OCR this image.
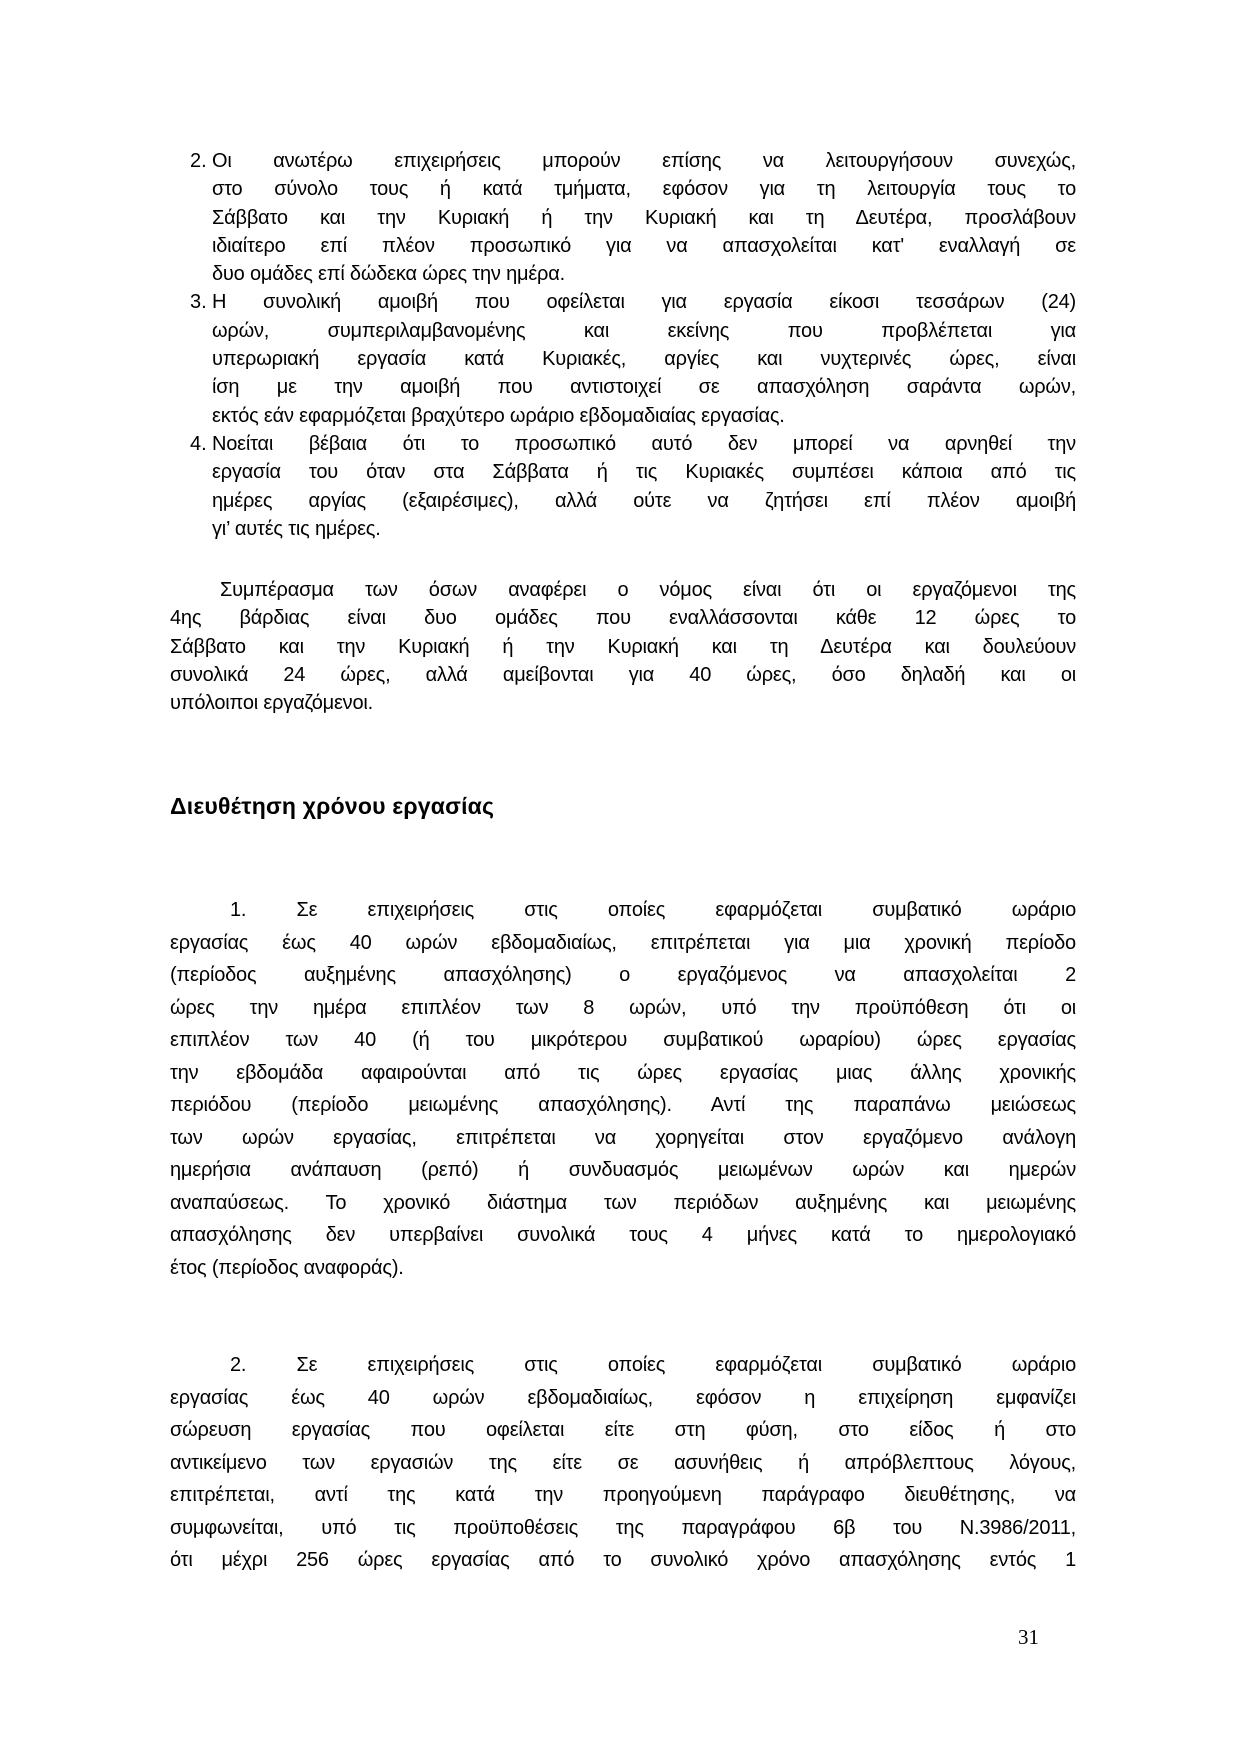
2. Οι ανωτέρω επιχειρήσεις μπορούν επίσης να λειτουργήσουν συνεχώς,
στο σύνολο τους ή κατά τμήματα, εφόσον για τη λειτουργία τους το
Σάββατο και την Κυριακή ή την Κυριακή και τη Δευτέρα, προσλάβουν
ιδιαίτερο επί πλέον προσωπικό για να απασχολείται κατ' εναλλαγή σε
δυο ομάδες επί δώδεκα ώρες την ημέρα.
3. Η συνολική αμοιβή που οφείλεται για εργασία είκοσι τεσσάρων (24)
ωρών, συμπεριλαμβανομένης και εκείνης που προβλέπεται για
υπερωριακή εργασία κατά Κυριακές, αργίες και νυχτερινές ώρες, είναι
ίση με την αμοιβή που αντιστοιχεί σε απασχόληση σαράντα ωρών,
εκτός εάν εφαρμόζεται βραχύτερο ωράριο εβδομαδιαίας εργασίας.
4. Νοείται βέβαια ότι το προσωπικό αυτό δεν μπορεί να αρνηθεί την
εργασία του όταν στα Σάββατα ή τις Κυριακές συμπέσει κάποια από τις
ημέρες αργίας (εξαιρέσιμες), αλλά ούτε να ζητήσει επί πλέον αμοιβή
γι’ αυτές τις ημέρες.
Συμπέρασμα των όσων αναφέρει ο νόμος είναι ότι οι εργαζόμενοι της
4ης βάρδιας είναι δυο ομάδες που εναλλάσσονται κάθε 12 ώρες το
Σάββατο και την Κυριακή ή την Κυριακή και τη Δευτέρα και δουλεύουν
συνολικά 24 ώρες, αλλά αμείβονται για 40 ώρες, όσο δηλαδή και οι
υπόλοιποι εργαζόμενοι.
Διευθέτηση χρόνου εργασίας
1. Σε επιχειρήσεις στις οποίες εφαρμόζεται συμβατικό ωράριο
εργασίας έως 40 ωρών εβδομαδιαίως, επιτρέπεται για μια χρονική περίοδο
(περίοδος αυξημένης απασχόλησης) ο εργαζόμενος να απασχολείται 2
ώρες την ημέρα επιπλέον των 8 ωρών, υπό την προϋπόθεση ότι οι
επιπλέον των 40 (ή του μικρότερου συμβατικού ωραρίου) ώρες εργασίας
την εβδομάδα αφαιρούνται από τις ώρες εργασίας μιας άλλης χρονικής
περιόδου (περίοδο μειωμένης απασχόλησης). Αντί της παραπάνω μειώσεως
των ωρών εργασίας, επιτρέπεται να χορηγείται στον εργαζόμενο ανάλογη
ημερήσια ανάπαυση (ρεπό) ή συνδυασμός μειωμένων ωρών και ημερών
αναπαύσεως. Το χρονικό διάστημα των περιόδων αυξημένης και μειωμένης
απασχόλησης δεν υπερβαίνει συνολικά τους 4 μήνες κατά το ημερολογιακό
έτος (περίοδος αναφοράς).
2. Σε επιχειρήσεις στις οποίες εφαρμόζεται συμβατικό ωράριο
εργασίας έως 40 ωρών εβδομαδιαίως, εφόσον η επιχείρηση εμφανίζει
σώρευση εργασίας που οφείλεται είτε στη φύση, στο είδος ή στο
αντικείμενο των εργασιών της είτε σε ασυνήθεις ή απρόβλεπτους λόγους,
επιτρέπεται, αντί της κατά την προηγούμενη παράγραφο διευθέτησης, να
συμφωνείται, υπό τις προϋποθέσεις της παραγράφου 6β του Ν.3986/2011,
ότι μέχρι 256 ώρες εργασίας από το συνολικό χρόνο απασχόλησης εντός 1
31
